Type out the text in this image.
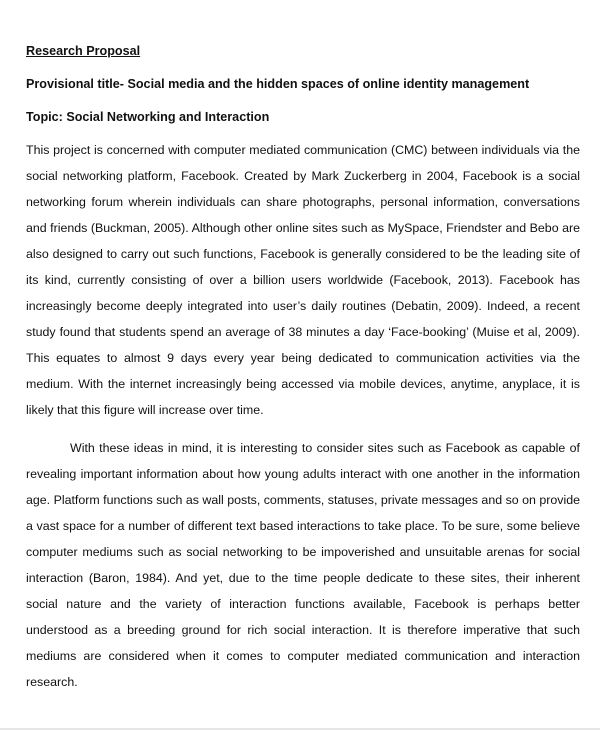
Research Proposal

Provisional title- Social media and the hidden spaces of online identity management

Topic: Social Networking and Interaction

This project is concerned with computer mediated communication (CMC) between individuals via the social networking platform, Facebook. Created by Mark Zuckerberg in 2004, Facebook is a social networking forum wherein individuals can share photographs, personal information, conversations and friends (Buckman, 2005). Although other online sites such as MySpace, Friendster and Bebo are also designed to carry out such functions, Facebook is generally considered to be the leading site of its kind, currently consisting of over a billion users worldwide (Facebook, 2013). Facebook has increasingly become deeply integrated into user’s daily routines (Debatin, 2009). Indeed, a recent study found that students spend an average of 38 minutes a day ‘Face-booking’ (Muise et al, 2009). This equates to almost 9 days every year being dedicated to communication activities via the medium. With the internet increasingly being accessed via mobile devices, anytime, anyplace, it is likely that this figure will increase over time.

With these ideas in mind, it is interesting to consider sites such as Facebook as capable of revealing important information about how young adults interact with one another in the information age. Platform functions such as wall posts, comments, statuses, private messages and so on provide a vast space for a number of different text based interactions to take place. To be sure, some believe computer mediums such as social networking to be impoverished and unsuitable arenas for social interaction (Baron, 1984). And yet, due to the time people dedicate to these sites, their inherent social nature and the variety of interaction functions available, Facebook is perhaps better understood as a breeding ground for rich social interaction. It is therefore imperative that such mediums are considered when it comes to computer mediated communication and interaction research.
